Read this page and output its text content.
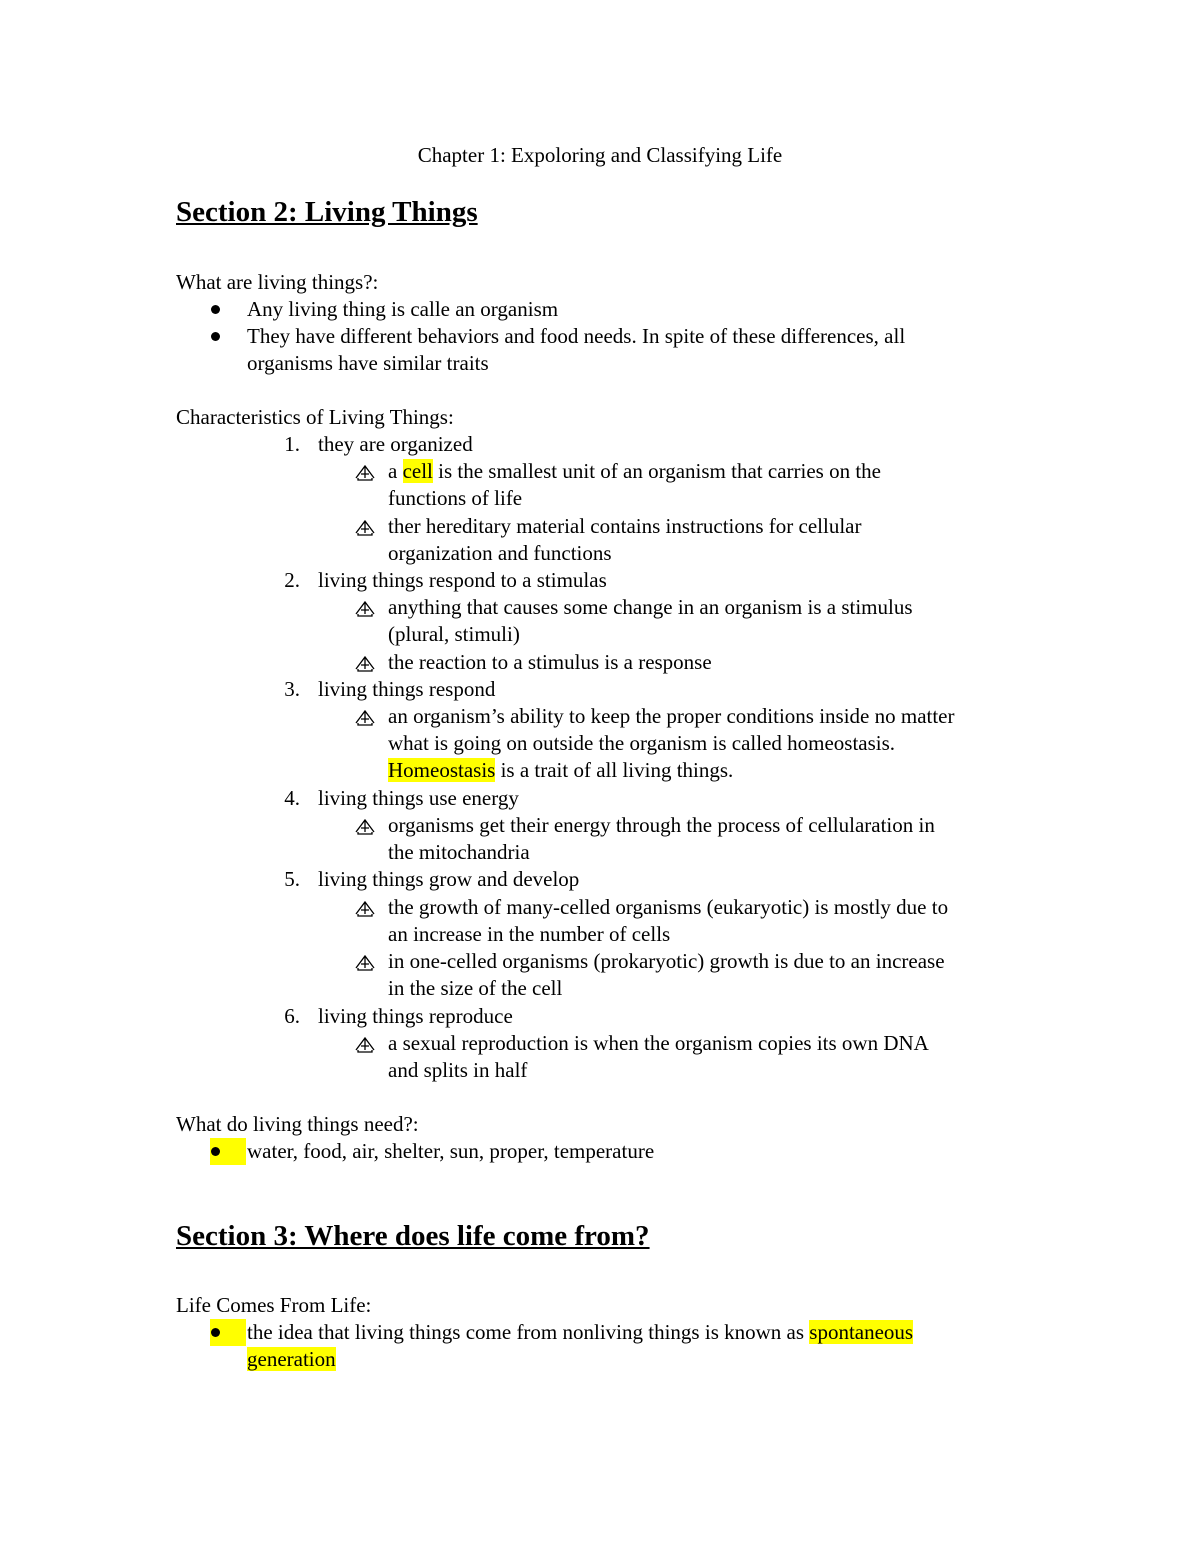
Chapter 1: Expoloring and Classifying Life
Section 2: Living Things
What are living things?:
Any living thing is calle an organism
They have different behaviors and food needs. In spite of these differences, all
organisms have similar traits
Characteristics of Living Things:
1. they are organized
a cell is the smallest unit of an organism that carries on the
functions of life
ther hereditary material contains instructions for cellular
organization and functions
2. living things respond to a stimulas
anything that causes some change in an organism is a stimulus
(plural, stimuli)
the reaction to a stimulus is a response
3. living things respond
an organism’s ability to keep the proper conditions inside no matter
what is going on outside the organism is called homeostasis.
Homeostasis is a trait of all living things.
4. living things use energy
organisms get their energy through the process of cellularation in
the mitochandria
5. living things grow and develop
the growth of many-celled organisms (eukaryotic) is mostly due to
an increase in the number of cells
in one-celled organisms (prokaryotic) growth is due to an increase
in the size of the cell
6. living things reproduce
a sexual reproduction is when the organism copies its own DNA
and splits in half
What do living things need?:
water, food, air, shelter, sun, proper, temperature
Section 3: Where does life come from?
Life Comes From Life:
the idea that living things come from nonliving things is known as spontaneous
generation
